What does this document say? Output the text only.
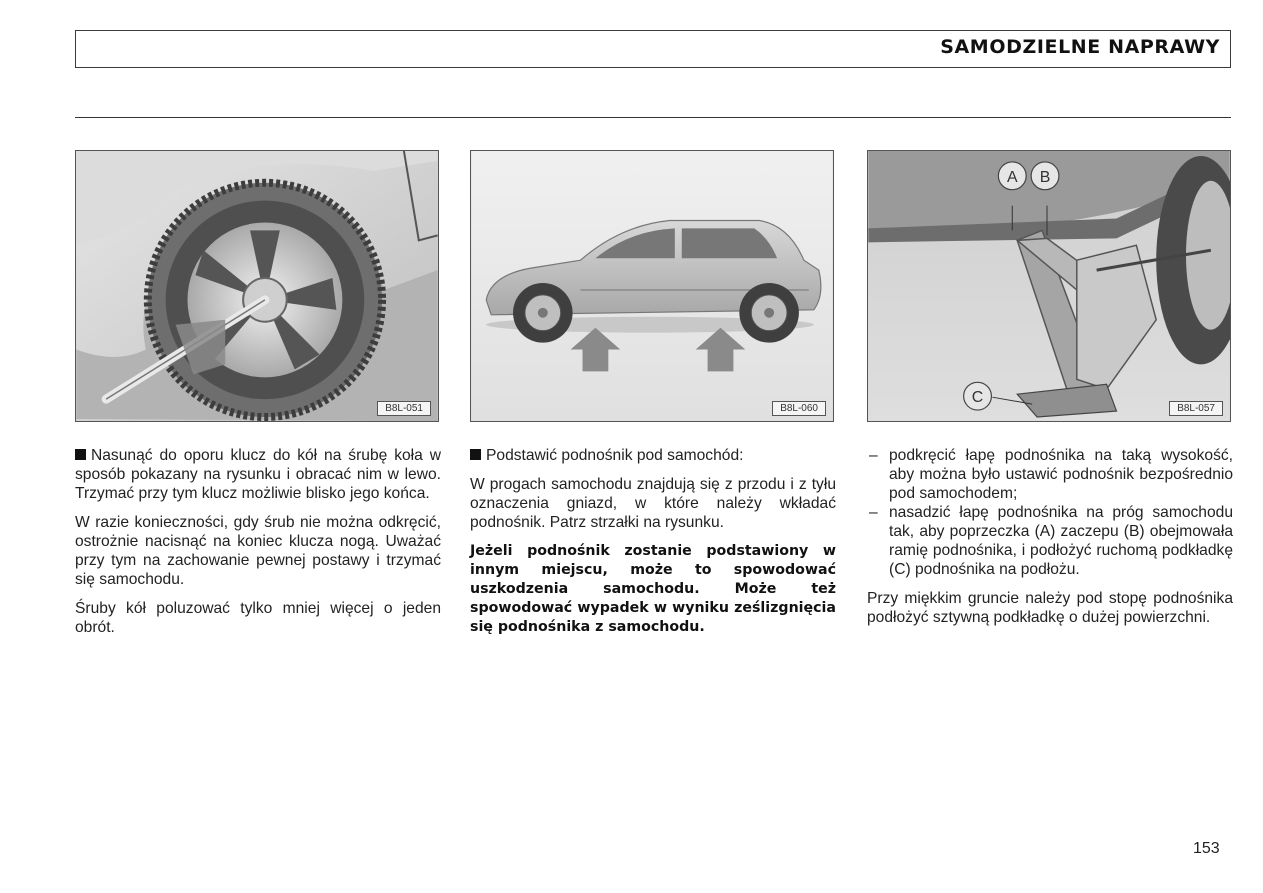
SAMODZIELNE NAPRAWY
B8L-051	B8L-060
A B
C
B8L-057

Nasunąć do oporu klucz do kół na śrubę koła w sposób pokazany na rysunku i obracać nim w lewo. Trzymać przy tym klucz możliwie blisko jego końca.

W razie konieczności, gdy śrub nie można odkręcić, ostrożnie nacisnąć na koniec klucza nogą. Uważać przy tym na zachowanie pewnej postawy i trzymać się samochodu.

Śruby kół poluzować tylko mniej więcej o jeden obrót.

Podstawić podnośnik pod samochód:

W progach samochodu znajdują się z przodu i z tyłu oznaczenia gniazd, w które należy wkładać podnośnik. Patrz strzałki na rysunku.

Jeżeli podnośnik zostanie podstawiony w innym miejscu, może to spowodować uszkodzenia samochodu. Może też spowodować wypadek w wyniku ześlizgnięcia się podnośnika z samochodu.

– podkręcić łapę podnośnika na taką wysokość, aby można było ustawić podnośnik bezpośrednio pod samochodem;
– nasadzić łapę podnośnika na próg samochodu tak, aby poprzeczka (A) zaczepu (B) obejmowała ramię podnośnika, i podłożyć ruchomą podkładkę (C) podnośnika na podłożu.

Przy miękkim gruncie należy pod stopę podnośnika podłożyć sztywną podkładkę o dużej powierzchni.

153
